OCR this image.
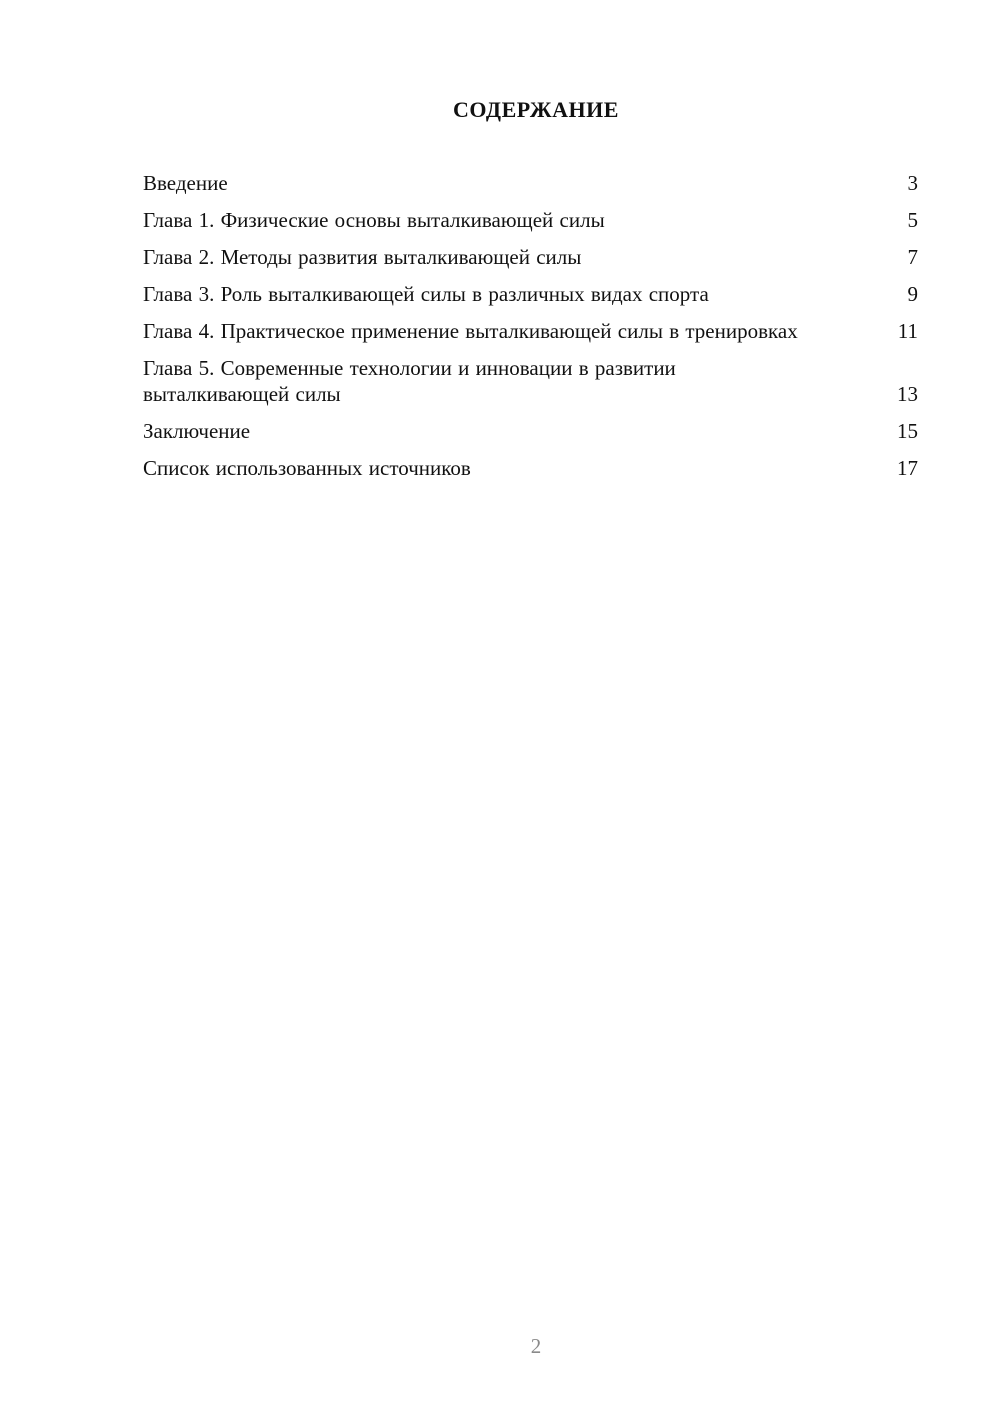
СОДЕРЖАНИЕ
Введение	3
Глава 1. Физические основы выталкивающей силы	5
Глава 2. Методы развития выталкивающей силы	7
Глава 3. Роль выталкивающей силы в различных видах спорта	9
Глава 4. Практическое применение выталкивающей силы в тренировках	11
Глава 5. Современные технологии и инновации в развитии выталкивающей силы	13
Заключение	15
Список использованных источников	17
2
